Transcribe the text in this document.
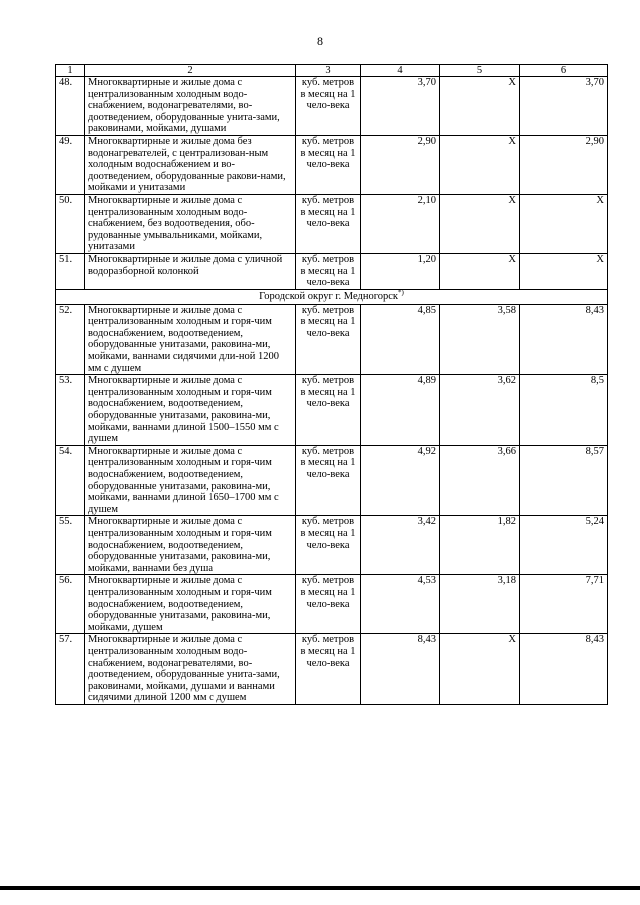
8
1	2	3	4	5	6
48.	Многоквартирные и жилые дома с централизованным холодным водо-снабжением, водонагревателями, во-доотведением, оборудованные унита-зами, раковинами, мойками, душами	куб. метров в месяц на 1 чело-века	3,70	Х	3,70
49.	Многоквартирные и жилые дома без водонагревателей, с централизован-ным холодным водоснабжением и во-доотведением, оборудованные ракови-нами, мойками и унитазами	куб. метров в месяц на 1 чело-века	2,90	Х	2,90
50.	Многоквартирные и жилые дома с централизованным холодным водо-снабжением, без водоотведения, обо-рудованные умывальниками, мойками, унитазами	куб. метров в месяц на 1 чело-века	2,10	Х	Х
51.	Многоквартирные и жилые дома с уличной водоразборной колонкой	куб. метров в месяц на 1 чело-века	1,20	Х	Х
Городской округ г. Медногорск*)
52.	Многоквартирные и жилые дома с централизованным холодным и горя-чим водоснабжением, водоотведением, оборудованные унитазами, раковина-ми, мойками, ваннами сидячими дли-ной 1200 мм с душем	куб. метров в месяц на 1 чело-века	4,85	3,58	8,43
53.	Многоквартирные и жилые дома с централизованным холодным и горя-чим водоснабжением, водоотведением, оборудованные унитазами, раковина-ми, мойками, ваннами длиной 1500–1550 мм с душем	куб. метров в месяц на 1 чело-века	4,89	3,62	8,5
54.	Многоквартирные и жилые дома с централизованным холодным и горя-чим водоснабжением, водоотведением, оборудованные унитазами, раковина-ми, мойками, ваннами длиной 1650–1700 мм с душем	куб. метров в месяц на 1 чело-века	4,92	3,66	8,57
55.	Многоквартирные и жилые дома с централизованным холодным и горя-чим водоснабжением, водоотведением, оборудованные унитазами, раковина-ми, мойками, ваннами без душа	куб. метров в месяц на 1 чело-века	3,42	1,82	5,24
56.	Многоквартирные и жилые дома с централизованным холодным и горя-чим водоснабжением, водоотведением, оборудованные унитазами, раковина-ми, мойками, душем	куб. метров в месяц на 1 чело-века	4,53	3,18	7,71
57.	Многоквартирные и жилые дома с централизованным холодным водо-снабжением, водонагревателями, во-доотведением, оборудованные унита-зами, раковинами, мойками, душами и ваннами сидячими длиной 1200 мм с душем	куб. метров в месяц на 1 чело-века	8,43	Х	8,43
